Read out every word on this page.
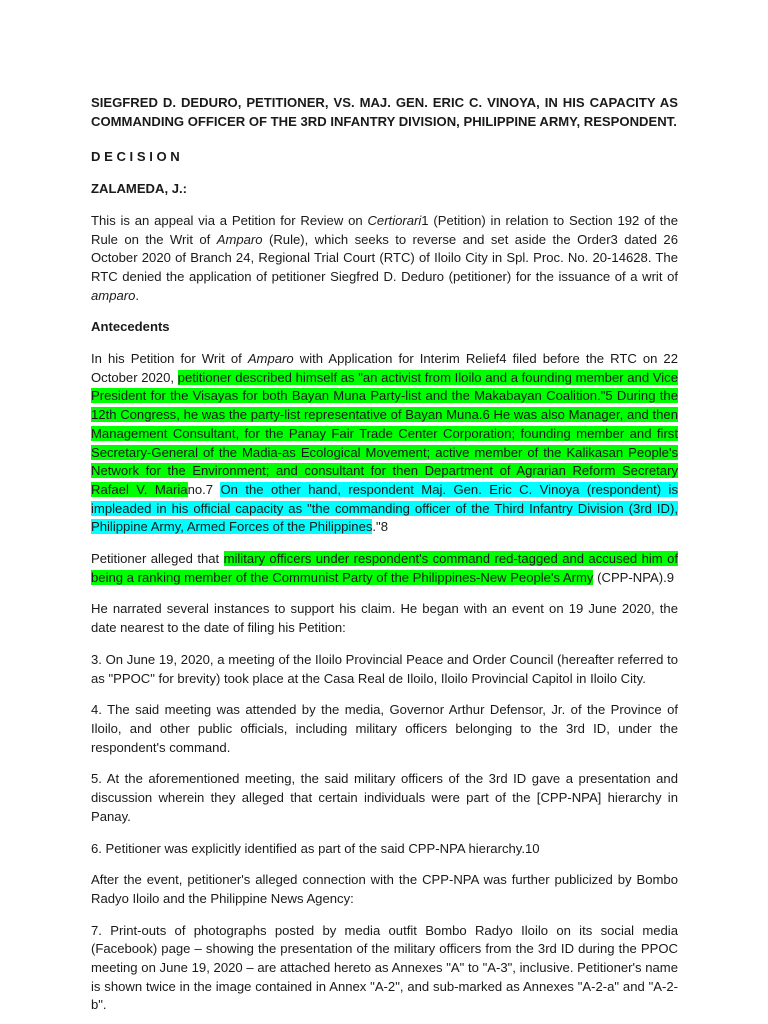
SIEGFRED D. DEDURO, PETITIONER, VS. MAJ. GEN. ERIC C. VINOYA, IN HIS CAPACITY AS COMMANDING OFFICER OF THE 3RD INFANTRY DIVISION, PHILIPPINE ARMY, RESPONDENT.

D E C I S I O N

ZALAMEDA, J.:

This is an appeal via a Petition for Review on Certiorari1 (Petition) in relation to Section 192 of the Rule on the Writ of Amparo (Rule), which seeks to reverse and set aside the Order3 dated 26 October 2020 of Branch 24, Regional Trial Court (RTC) of Iloilo City in Spl. Proc. No. 20-14628. The RTC denied the application of petitioner Siegfred D. Deduro (petitioner) for the issuance of a writ of amparo.

Antecedents

In his Petition for Writ of Amparo with Application for Interim Relief4 filed before the RTC on 22 October 2020, petitioner described himself as "an activist from Iloilo and a founding member and Vice President for the Visayas for both Bayan Muna Party-list and the Makabayan Coalition."5 During the 12th Congress, he was the party-list representative of Bayan Muna.6 He was also Manager, and then Management Consultant, for the Panay Fair Trade Center Corporation; founding member and first Secretary-General of the Madia-as Ecological Movement; active member of the Kalikasan People's Network for the Environment; and consultant for then Department of Agrarian Reform Secretary Rafael V. Mariano.7 On the other hand, respondent Maj. Gen. Eric C. Vinoya (respondent) is impleaded in his official capacity as "the commanding officer of the Third Infantry Division (3rd ID), Philippine Army, Armed Forces of the Philippines."8

Petitioner alleged that military officers under respondent's command red-tagged and accused him of being a ranking member of the Communist Party of the Philippines-New People's Army (CPP-NPA).9

He narrated several instances to support his claim. He began with an event on 19 June 2020, the date nearest to the date of filing his Petition:

3. On June 19, 2020, a meeting of the Iloilo Provincial Peace and Order Council (hereafter referred to as "PPOC" for brevity) took place at the Casa Real de Iloilo, Iloilo Provincial Capitol in Iloilo City.

4. The said meeting was attended by the media, Governor Arthur Defensor, Jr. of the Province of Iloilo, and other public officials, including military officers belonging to the 3rd ID, under the respondent's command.

5. At the aforementioned meeting, the said military officers of the 3rd ID gave a presentation and discussion wherein they alleged that certain individuals were part of the [CPP-NPA] hierarchy in Panay.

6. Petitioner was explicitly identified as part of the said CPP-NPA hierarchy.10

After the event, petitioner's alleged connection with the CPP-NPA was further publicized by Bombo Radyo Iloilo and the Philippine News Agency:

7. Print-outs of photographs posted by media outfit Bombo Radyo Iloilo on its social media (Facebook) page – showing the presentation of the military officers from the 3rd ID during the PPOC meeting on June 19, 2020 – are attached hereto as Annexes "A" to "A-3", inclusive. Petitioner's name is shown twice in the image contained in Annex "A-2", and sub-marked as Annexes "A-2-a" and "A-2-b".
